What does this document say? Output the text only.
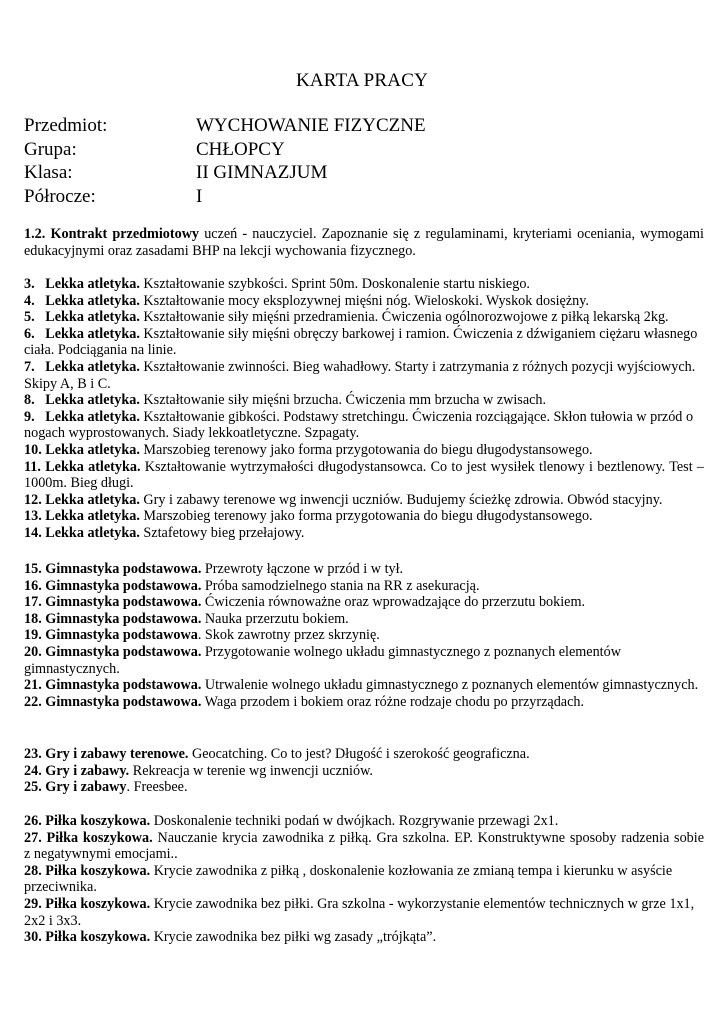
KARTA PRACY
Przedmiot:	WYCHOWANIE FIZYCZNE
Grupa:	CHŁOPCY
Klasa:	II GIMNAZJUM
Półrocze:	I

1.2. Kontrakt przedmiotowy uczeń - nauczyciel. Zapoznanie się z regulaminami, kryteriami oceniania, wymogami edukacyjnymi oraz zasadami BHP na lekcji wychowania fizycznego.

3. Lekka atletyka. Kształtowanie szybkości. Sprint 50m. Doskonalenie startu niskiego.

4. Lekka atletyka. Kształtowanie mocy eksplozywnej mięśni nóg. Wieloskoki. Wyskok dosiężny.

5. Lekka atletyka. Kształtowanie siły mięśni przedramienia. Ćwiczenia ogólnorozwojowe z piłką lekarską 2kg.

6. Lekka atletyka. Kształtowanie siły mięśni obręczy barkowej i ramion. Ćwiczenia z dźwiganiem ciężaru własnego ciała. Podciągania na linie.

7. Lekka atletyka. Kształtowanie zwinności. Bieg wahadłowy. Starty i zatrzymania z różnych pozycji wyjściowych. Skipy A, B i C.

8. Lekka atletyka. Kształtowanie siły mięśni brzucha. Ćwiczenia mm brzucha w zwisach.

9. Lekka atletyka. Kształtowanie gibkości. Podstawy stretchingu. Ćwiczenia rozciągające. Skłon tułowia w przód o nogach wyprostowanych. Siady lekkoatletyczne. Szpagaty.

10. Lekka atletyka. Marszobieg terenowy jako forma przygotowania do biegu długodystansowego.

11. Lekka atletyka. Kształtowanie wytrzymałości długodystansowca. Co to jest wysiłek tlenowy i beztlenowy. Test – 1000m. Bieg długi.

12. Lekka atletyka. Gry i zabawy terenowe wg inwencji uczniów. Budujemy ścieżkę zdrowia. Obwód stacyjny.

13. Lekka atletyka. Marszobieg terenowy jako forma przygotowania do biegu długodystansowego.

14. Lekka atletyka. Sztafetowy bieg przełajowy.

15. Gimnastyka podstawowa. Przewroty łączone w przód i w tył.

16. Gimnastyka podstawowa. Próba samodzielnego stania na RR z asekuracją.

17. Gimnastyka podstawowa. Ćwiczenia równoważne oraz wprowadzające do przerzutu bokiem.

18. Gimnastyka podstawowa. Nauka przerzutu bokiem.

19. Gimnastyka podstawowa. Skok zawrotny przez skrzynię.

20. Gimnastyka podstawowa. Przygotowanie wolnego układu gimnastycznego z poznanych elementów gimnastycznych.

21. Gimnastyka podstawowa. Utrwalenie wolnego układu gimnastycznego z poznanych elementów gimnastycznych.

22. Gimnastyka podstawowa. Waga przodem i bokiem oraz różne rodzaje chodu po przyrządach.

23. Gry i zabawy terenowe. Geocatching. Co to jest? Długość i szerokość geograficzna.

24. Gry i zabawy. Rekreacja w terenie wg inwencji uczniów.

25. Gry i zabawy. Freesbee.

26. Piłka koszykowa. Doskonalenie techniki podań w dwójkach. Rozgrywanie przewagi 2x1.

27. Piłka koszykowa. Nauczanie krycia zawodnika z piłką. Gra szkolna. EP. Konstruktywne sposoby radzenia sobie     z negatywnymi emocjami..

28. Piłka koszykowa. Krycie zawodnika z piłką , doskonalenie kozłowania ze zmianą tempa i kierunku w asyście przeciwnika.

29. Piłka koszykowa. Krycie zawodnika bez piłki. Gra szkolna - wykorzystanie elementów technicznych w grze 1x1, 2x2 i 3x3.

30. Piłka koszykowa. Krycie zawodnika bez piłki wg zasady „trójkąta”.
